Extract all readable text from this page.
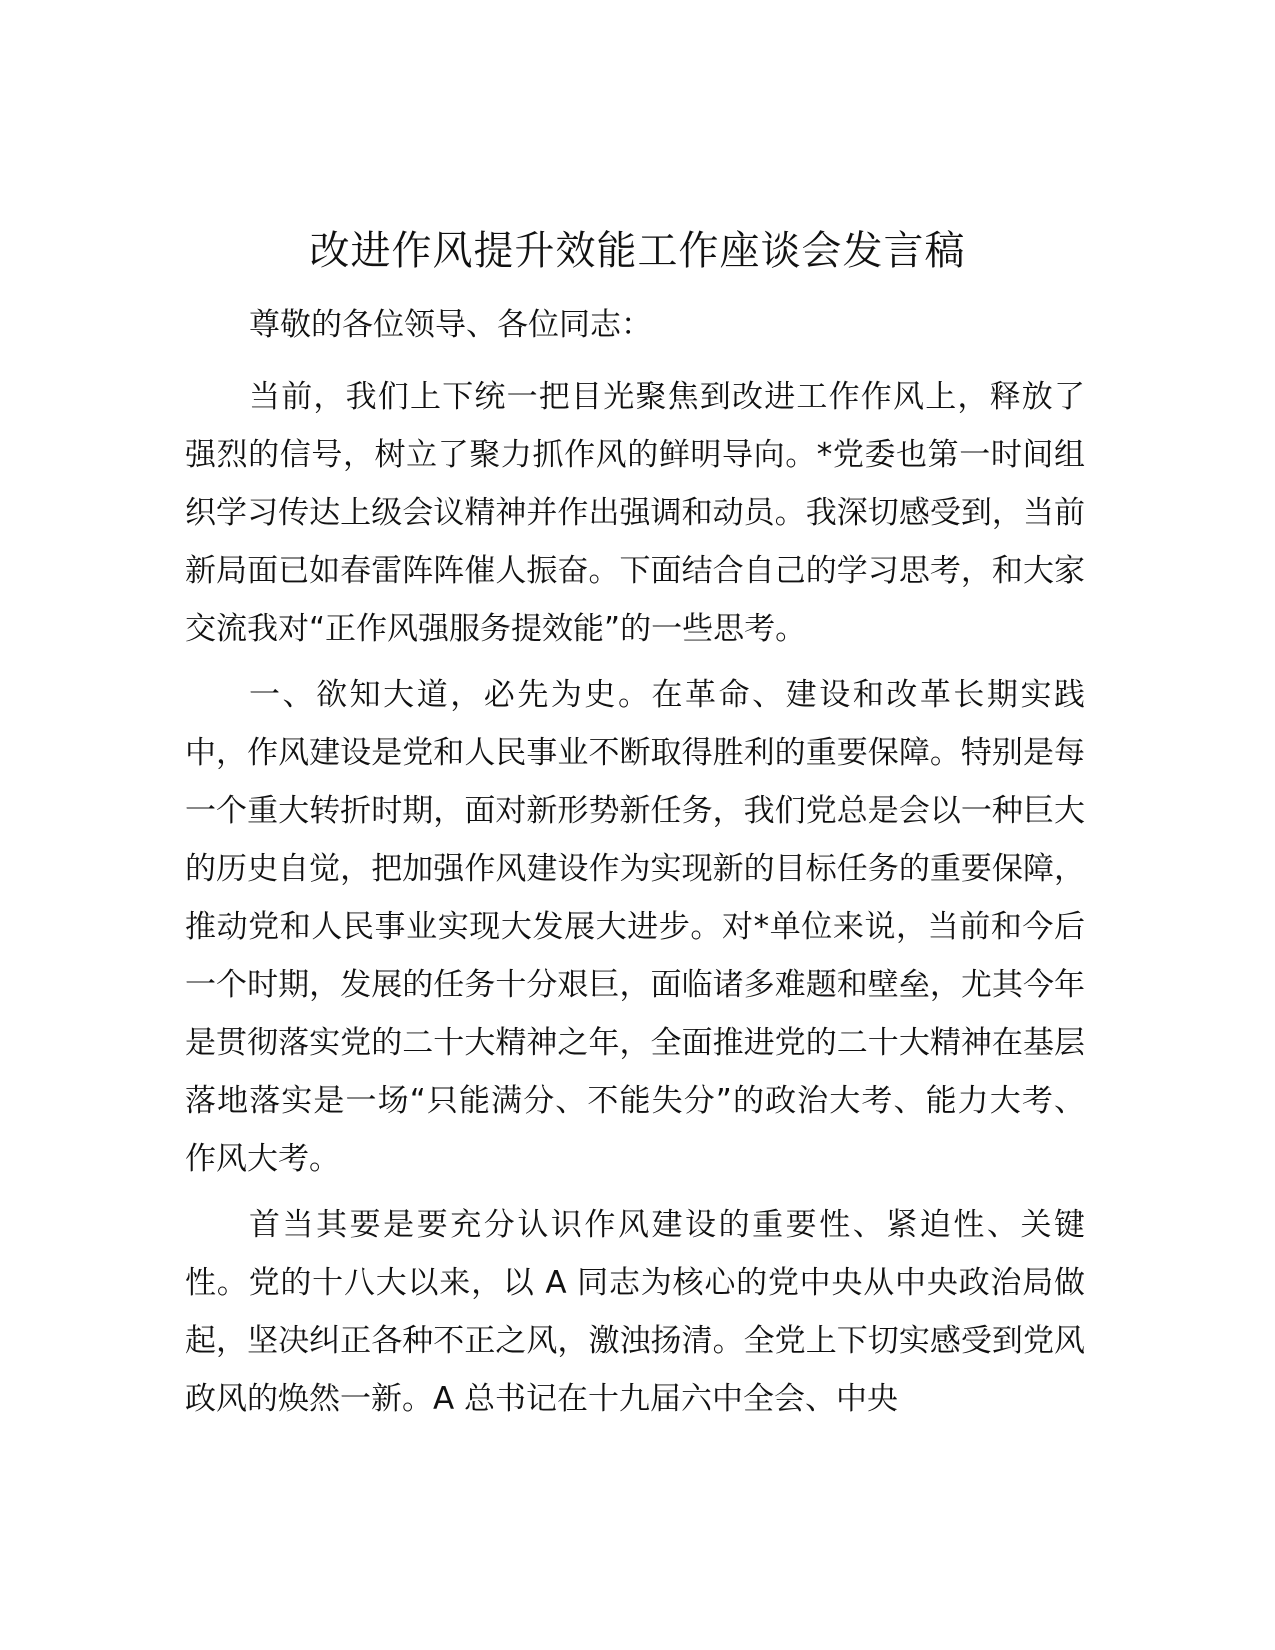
改进作风提升效能工作座谈会发言稿

尊敬的各位领导、各位同志：

当前，我们上下统一把目光聚焦到改进工作作风上，释放了强烈的信号，树立了聚力抓作风的鲜明导向。*党委也第一时间组织学习传达上级会议精神并作出强调和动员。我深切感受到，当前新局面已如春雷阵阵催人振奋。下面结合自己的学习思考，和大家交流我对“正作风强服务提效能”的一些思考。

一、欲知大道，必先为史。在革命、建设和改革长期实践中，作风建设是党和人民事业不断取得胜利的重要保障。特别是每一个重大转折时期，面对新形势新任务，我们党总是会以一种巨大的历史自觉，把加强作风建设作为实现新的目标任务的重要保障，推动党和人民事业实现大发展大进步。对*单位来说，当前和今后一个时期，发展的任务十分艰巨，面临诸多难题和壁垒，尤其今年是贯彻落实党的二十大精神之年，全面推进党的二十大精神在基层落地落实是一场“只能满分、不能失分”的政治大考、能力大考、作风大考。

首当其要是要充分认识作风建设的重要性、紧迫性、关键性。党的十八大以来，以 A 同志为核心的党中央从中央政治局做起，坚决纠正各种不正之风，激浊扬清。全党上下切实感受到党风政风的焕然一新。A 总书记在十九届六中全会、中央
